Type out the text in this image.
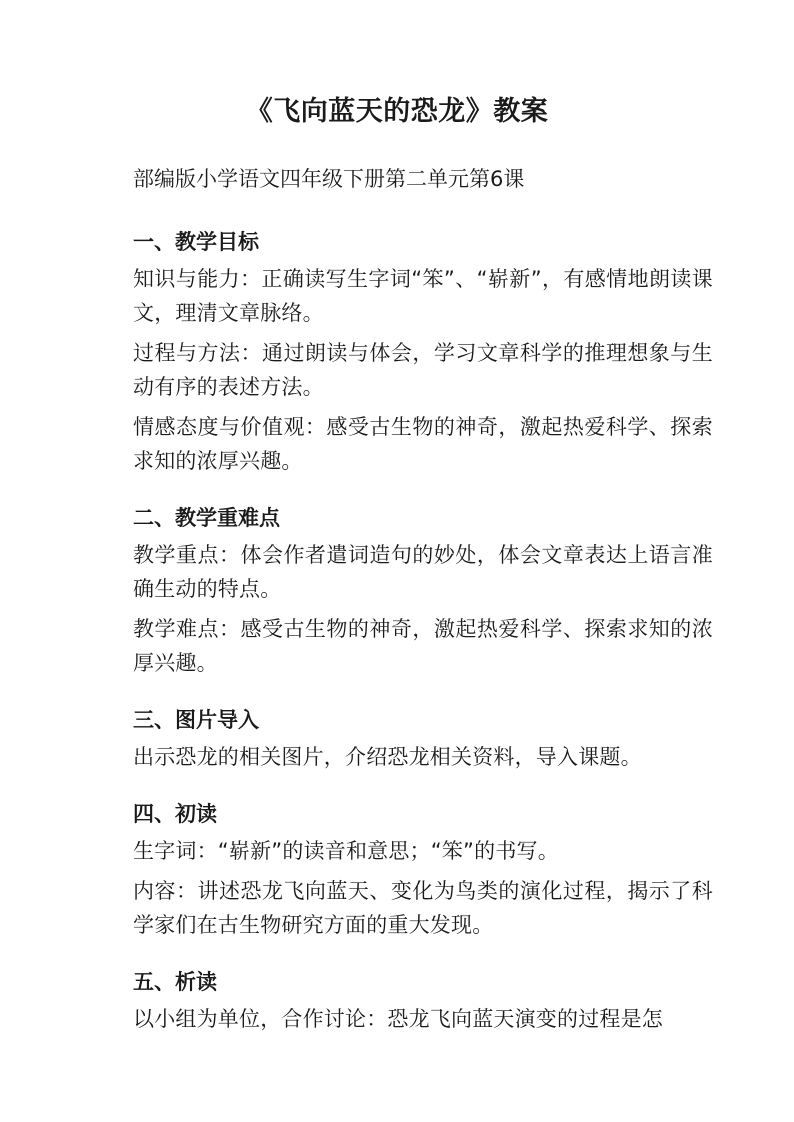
《飞向蓝天的恐龙》教案

部编版小学语文四年级下册第二单元第6课

一、教学目标

知识与能力：正确读写生字词“笨”、“崭新”，有感情地朗读课文，理清文章脉络。

过程与方法：通过朗读与体会，学习文章科学的推理想象与生动有序的表述方法。

情感态度与价值观：感受古生物的神奇，激起热爱科学、探索求知的浓厚兴趣。

二、教学重难点

教学重点：体会作者遣词造句的妙处，体会文章表达上语言准确生动的特点。

教学难点：感受古生物的神奇，激起热爱科学、探索求知的浓厚兴趣。

三、图片导入

出示恐龙的相关图片，介绍恐龙相关资料，导入课题。

四、初读

生字词：“崭新”的读音和意思；“笨”的书写。

内容：讲述恐龙飞向蓝天、变化为鸟类的演化过程，揭示了科学家们在古生物研究方面的重大发现。

五、析读

以小组为单位，合作讨论：恐龙飞向蓝天演变的过程是怎
